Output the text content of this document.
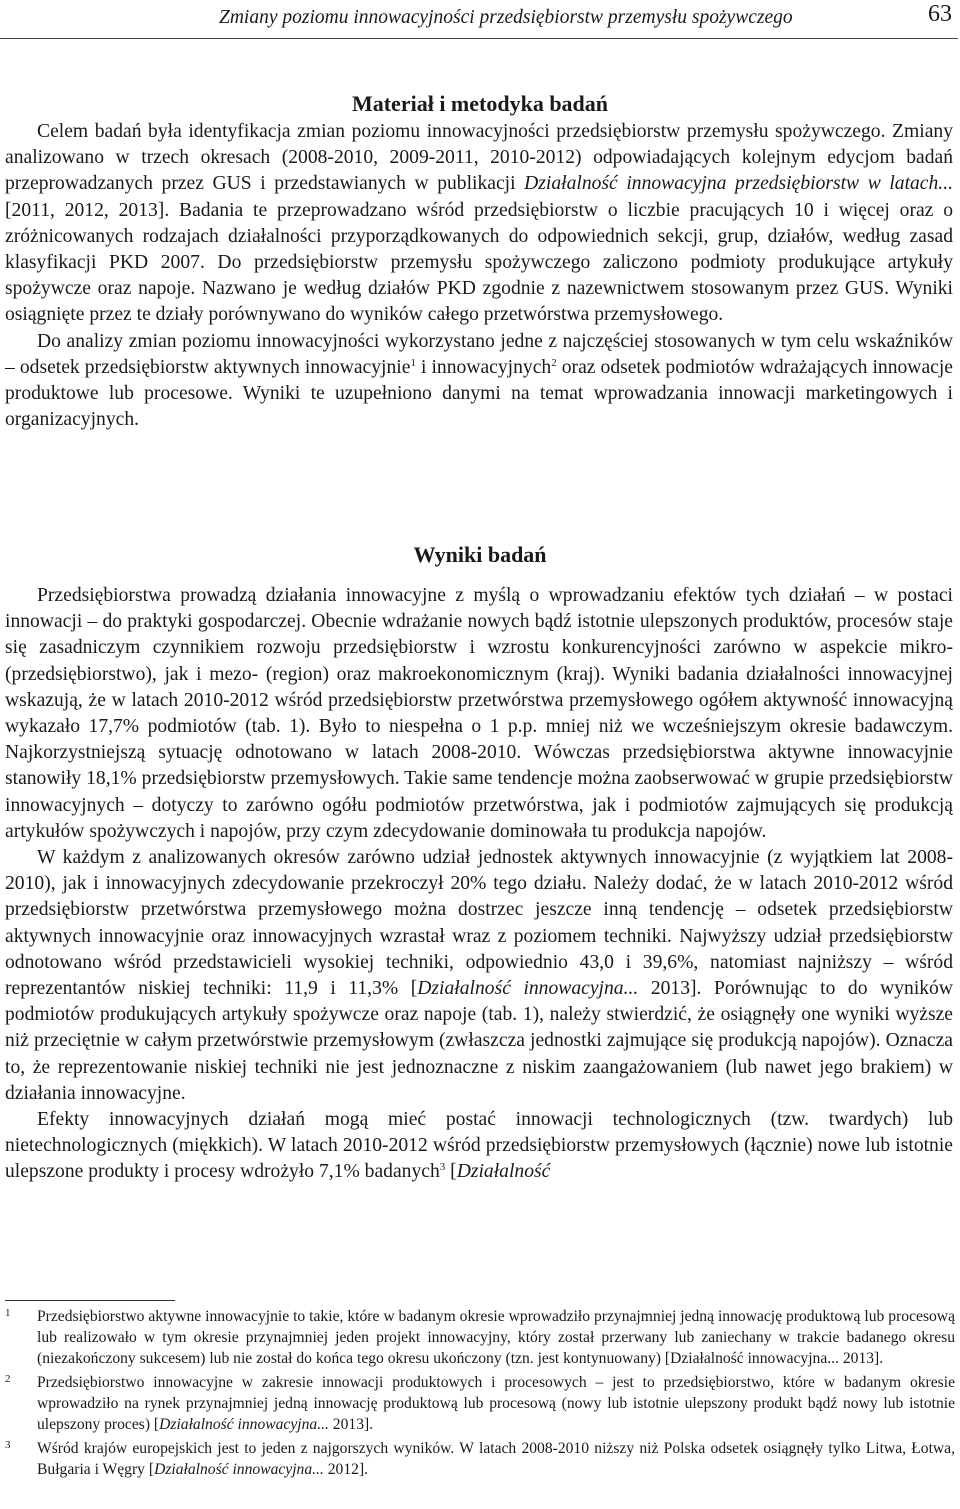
Zmiany poziomu innowacyjności przedsiębiorstw przemysłu spożywczego	63
Materiał i metodyka badań

Celem badań była identyfikacja zmian poziomu innowacyjności przedsiębiorstw przemysłu spożywczego. Zmiany analizowano w trzech okresach (2008-2010, 2009-2011, 2010-2012) odpowiadających kolejnym edycjom badań przeprowadzanych przez GUS i przedstawianych w publikacji Działalność innowacyjna przedsiębiorstw w latach... [2011, 2012, 2013]. Badania te przeprowadzano wśród przedsiębiorstw o liczbie pracujących 10 i więcej oraz o zróżnicowanych rodzajach działalności przyporządkowanych do odpowiednich sekcji, grup, działów, według zasad klasyfikacji PKD 2007. Do przedsiębiorstw przemysłu spożywczego zaliczono podmioty produkujące artykuły spożywcze oraz napoje. Nazwano je według działów PKD zgodnie z nazewnictwem stosowanym przez GUS. Wyniki osiągnięte przez te działy porównywano do wyników całego przetwórstwa przemysłowego.

Do analizy zmian poziomu innowacyjności wykorzystano jedne z najczęściej stosowanych w tym celu wskaźników – odsetek przedsiębiorstw aktywnych innowacyjnie$^1$ i innowacyjnych$^2$ oraz odsetek podmiotów wdrażających innowacje produktowe lub procesowe. Wyniki te uzupełniono danymi na temat wprowadzania innowacji marketingowych i organizacyjnych.

Wyniki badań

Przedsiębiorstwa prowadzą działania innowacyjne z myślą o wprowadzaniu efektów tych działań – w postaci innowacji – do praktyki gospodarczej. Obecnie wdrażanie nowych bądź istotnie ulepszonych produktów, procesów staje się zasadniczym czynnikiem rozwoju przedsiębiorstw i wzrostu konkurencyjności zarówno w aspekcie mikro- (przedsiębiorstwo), jak i mezo- (region) oraz makroekonomicznym (kraj). Wyniki badania działalności innowacyjnej wskazują, że w latach 2010-2012 wśród przedsiębiorstw przetwórstwa przemysłowego ogółem aktywność innowacyjną wykazało 17,7% podmiotów (tab. 1). Było to niespełna o 1 p.p. mniej niż we wcześniejszym okresie badawczym. Najkorzystniejszą sytuację odnotowano w latach 2008-2010. Wówczas przedsiębiorstwa aktywne innowacyjnie stanowiły 18,1% przedsiębiorstw przemysłowych. Takie same tendencje można zaobserwować w grupie przedsiębiorstw innowacyjnych – dotyczy to zarówno ogółu podmiotów przetwórstwa, jak i podmiotów zajmujących się produkcją artykułów spożywczych i napojów, przy czym zdecydowanie dominowała tu produkcja napojów.

W każdym z analizowanych okresów zarówno udział jednostek aktywnych innowacyjnie (z wyjątkiem lat 2008-2010), jak i innowacyjnych zdecydowanie przekroczył 20% tego działu. Należy dodać, że w latach 2010-2012 wśród przedsiębiorstw przetwórstwa przemysłowego można dostrzec jeszcze inną tendencję – odsetek przedsiębiorstw aktywnych innowacyjnie oraz innowacyjnych wzrastał wraz z poziomem techniki. Najwyższy udział przedsiębiorstw odnotowano wśród przedstawicieli wysokiej techniki, odpowiednio 43,0 i 39,6%, natomiast najniższy – wśród reprezentantów niskiej techniki: 11,9 i 11,3% [Działalność innowacyjna... 2013]. Porównując to do wyników podmiotów produkujących artykuły spożywcze oraz napoje (tab. 1), należy stwierdzić, że osiągnęły one wyniki wyższe niż przeciętnie w całym przetwórstwie przemysłowym (zwłaszcza jednostki zajmujące się produkcją napojów). Oznacza to, że reprezentowanie niskiej techniki nie jest jednoznaczne z niskim zaangażowaniem (lub nawet jego brakiem) w działania innowacyjne.

Efekty innowacyjnych działań mogą mieć postać innowacji technologicznych (tzw. twardych) lub nietechnologicznych (miękkich). W latach 2010-2012 wśród przedsiębiorstw przemysłowych (łącznie) nowe lub istotnie ulepszone produkty i procesy wdrożyło 7,1% badanych$^3$ [Działalność

1 Przedsiębiorstwo aktywne innowacyjnie to takie, które w badanym okresie wprowadziło przynajmniej jedną innowację produktową lub procesową lub realizowało w tym okresie przynajmniej jeden projekt innowacyjny, który został przerwany lub zaniechany w trakcie badanego okresu (niezakończony sukcesem) lub nie został do końca tego okresu ukończony (tzn. jest kontynuowany) [Działalność innowacyjna... 2013].
2 Przedsiębiorstwo innowacyjne w zakresie innowacji produktowych i procesowych – jest to przedsiębiorstwo, które w badanym okresie wprowadziło na rynek przynajmniej jedną innowację produktową lub procesową (nowy lub istotnie ulepszony produkt bądź nowy lub istotnie ulepszony proces) [Działalność innowacyjna... 2013].
3 Wśród krajów europejskich jest to jeden z najgorszych wyników. W latach 2008-2010 niższy niż Polska odsetek osiągnęły tylko Litwa, Łotwa, Bułgaria i Węgry [Działalność innowacyjna... 2012].
